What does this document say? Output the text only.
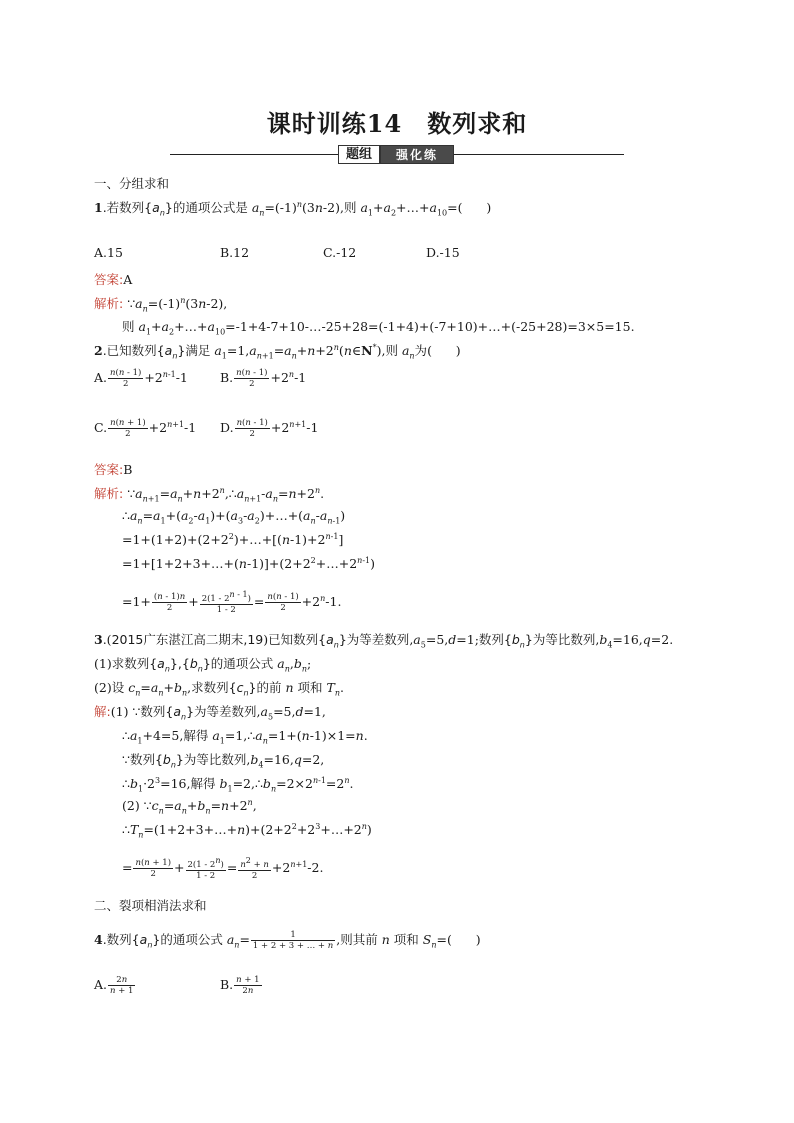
课时训练14　数列求和
题组	强化练
一、分组求和
1.若数列$\{a_n\}$的通项公式是 $a_n=(-1)^n(3n-2)$,则 $a_1+a_2+\dots+a_{10}=$(      )
A.15	B.12	C.-12	D.-15
答案:A
解析: $\because a_n=(-1)^n(3n-2)$,
则 $a_1+a_2+\dots+a_{10}=-1+4-7+10-\dots-25+28=(-1+4)+(-7+10)+\dots+(-25+28)=3\times 5=15$.
2.已知数列$\{a_n\}$满足 $a_1=1,a_{n+1}=a_n+n+2^n(n\in N^*)$,则 $a_n$为(      )
A. $\frac{n(n - 1)}{2} +2^{n-1}-1$	B. $\frac{n(n - 1)}{2} +2^n-1$
C. $\frac{n(n + 1)}{2} +2^{n+1}-1$ D. $\frac{n(n - 1)}{2} +2^{n+1}-1$
答案:B
解析: $\because a_{n+1}=a_n+n+2^n,\therefore a_{n+1}-a_n=n+2^n$.
$\therefore a_n=a_1+(a_2-a_1)+(a_3-a_2)+\dots+(a_n-a_{n-1})$
$=1+(1+2)+(2+2^2)+\dots+[(n-1)+2^{n-1}]$
$=1+[1+2+3+\dots+(n-1)]+(2+2^2+\dots+2^{n-1})$
$=1+ \frac{(n - 1)n}{2} + \frac{2(1 - 2^{n - 1})}{1 - 2} = \frac{n(n - 1)}{2} +2^n-1$.
3.(2015广东湛江高二期末,19)已知数列$\{a_n\}$为等差数列$,a_5=5,d=1$;数列$\{b_n\}$为等比数列$,b_4=16,q=2$.
(1)求数列$\{a_n\},\{b_n\}$的通项公式 $a_n,b_n$;
(2)设 $c_n=a_n+b_n$,求数列$\{c_n\}$的前 n 项和 $T_n$.
解:(1) ∵数列$\{a_n\}$为等差数列$,a_5=5,d=1$,
$\therefore a_1+4=5$,解得 $a_1=1,\therefore a_n=1+(n-1)\times 1=n$.
∵数列$\{b_n\}$为等比数列$,b_4=16,q=2$,
$\therefore b_1\cdot 2^3=16$,解得 $b_1=2,\therefore b_n=2\times 2^{n-1}=2^n$.
(2) $\because c_n=a_n+b_n=n+2^n$,
$\therefore T_n=(1+2+3+\dots+n)+(2+2^2+2^3+\dots+2^n)$
= $\frac{n(n + 1)}{2} + \frac{2(1 - 2^n)}{1 - 2} = \frac{n^2 + n}{2} +2^{n+1}-2$.
二、裂项相消法求和
4.数列$\{a_n\}$的通项公式 $a_n= \frac{1}{1 + 2 + 3 + \dots + n}$ ,则其前 n 项和 $S_n=$(      )
A. $\frac{2n}{n + 1}$	B. $\frac{n + 1}{2n}$
